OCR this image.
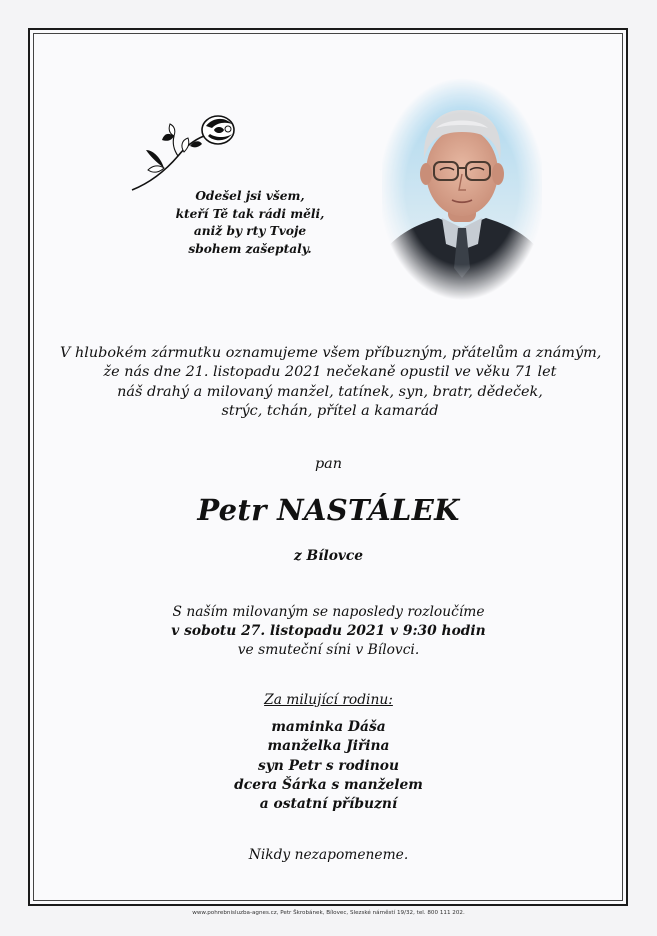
Odešel jsi všem,
kteří Tě tak rádi měli,
aniž by rty Tvoje
sbohem zašeptaly.
V hlubokém zármutku oznamujeme všem příbuzným, přátelům a známým,
že nás dne 21. listopadu 2021 nečekaně opustil ve věku 71 let
náš drahý a milovaný manžel, tatínek, syn, bratr, dědeček,
strýc, tchán, přítel a kamarád
pan
Petr NASTÁLEK
z Bílovce
S naším milovaným se naposledy rozloučíme
v sobotu 27. listopadu 2021 v 9:30 hodin
ve smuteční síni v Bílovci.
Za milující rodinu:
maminka Dáša
manželka Jiřina
syn Petr s rodinou
dcera Šárka s manželem
a ostatní příbuzní
Nikdy nezapomeneme.
www.pohrebnisluzba-agnes.cz, Petr Škrobánek, Bílovec, Slezské náměstí 19/32, tel. 800 111 202.
